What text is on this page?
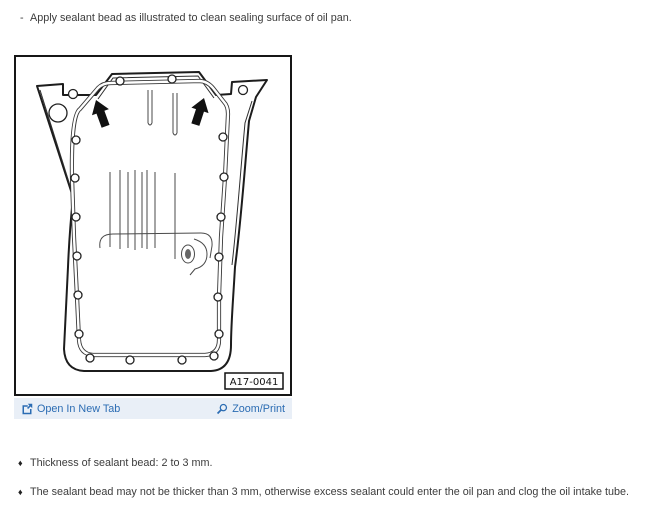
- Apply sealant bead as illustrated to clean sealing surface of oil pan.
A17-0041
Open In New Tab	Zoom/Print
♦ Thickness of sealant bead: 2 to 3 mm.
♦ The sealant bead may not be thicker than 3 mm, otherwise excess sealant could enter the oil pan and clog the oil intake tube.
